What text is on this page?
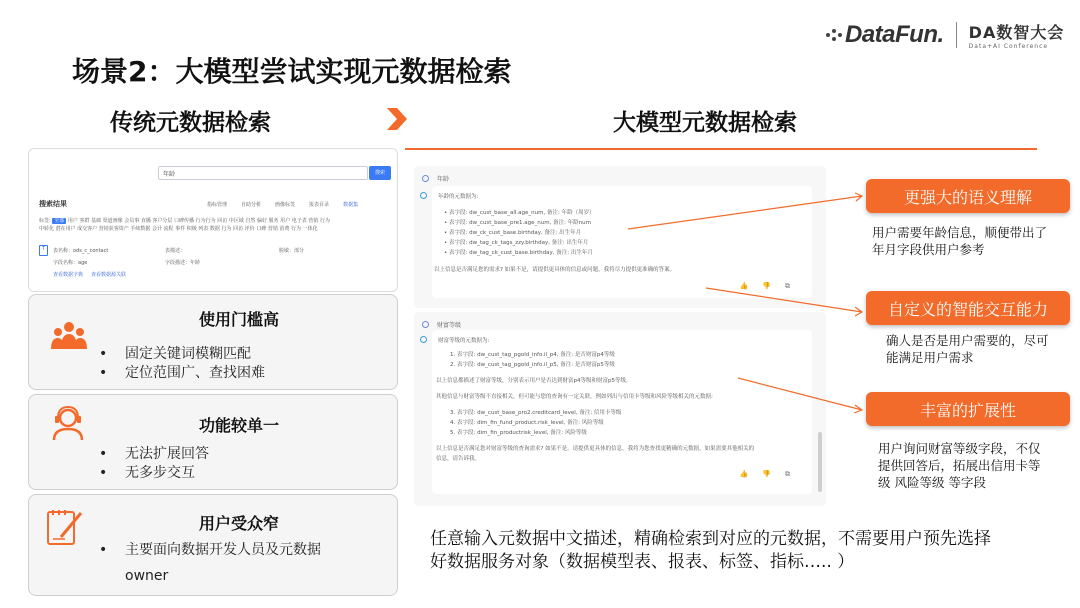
DataFun. DA数智大会
Data+AI Conference
场景2：大模型尝试实现元数据检索
传统元数据检索	大模型元数据检索
年龄	搜索
搜索结果	指标管理	自助分析	画像标签	报表目录	数据集
标签: 全部 用户 客群 基础 渠道画像 会员事 直播 客户分层 口碑传播 行为行为 回访 中区域 自然 偏好 服务 用户 电子表 营销 行为
中转化 潜在用户 成交客户 营销获客资产 手续数据 会计 流程 事件 积极 列表 数据 行为 回访 评价 口碑 营销 消费 行为 一体化
T	表名称：ods_c_contact	表描述：	脱敏：部分
字段名称：age	字段描述：年龄
查看数据字典 查看数据源关联
使用门槛高
• 固定关键词模糊匹配
• 定位范围广、查找困难
功能较单一
• 无法扩展回答
• 无多步交互
用户受众窄
• 主要面向数据开发人员及元数据
owner
年龄
年龄的元数据为:
• 表字段: dw_cust_base_all.age_num, 备注: 年龄（周岁）
• 表字段: dw_cust_base_pre1.age_num, 备注: 年龄num
• 表字段: dw_ck_cust_base.birthday, 备注: 出生年月
• 表字段: dw_tag_ck_tags_zzy.birthday, 备注: 出生年月
• 表字段: dw_tag_ck_cust_base.birthday, 备注: 出生年月
以上信息是否满足您的需求? 如果不是，请提供更具体的信息或问题，我将尽力提供更准确的答案。
👍 👎 ⧉
财富等级
财富等级的元数据为:
1. 表字段: dw_cust_tag_pgold_info.il_p4, 备注: 是否财富p4等级
2. 表字段: dw_cust_tag_pgold_info.il_p5, 备注: 是否财富p5等级
以上信息都描述了财富等级，分别表示用户是否达到财富p4等级和财富p5等级。
其他信息与财富等级不直接相关，但可能与您的查询有一定关联，例如列出与信用卡等级和风险等级相关的元数据:
3. 表字段: dw_cust_base_pro2.creditcard_level, 备注: 信用卡等级
4. 表字段: dim_fin_fund_product.risk_level, 备注: 风险等级
5. 表字段: dim_fin_productrisk_level, 备注: 风险等级
以上信息是否满足您对财富等级的查询需求? 如果不是，请提供更具体的信息，我将为您查找更精确的元数据。如果需要其他相关的
信息，请告诉我。
👍 👎 ⧉
更强大的语义理解
用户需要年龄信息，顺便带出了
年月字段供用户参考
自定义的智能交互能力
确人是否是用户需要的，尽可
能满足用户需求
丰富的扩展性
用户询问财富等级字段，不仅
提供回答后，拓展出信用卡等
级 风险等级 等字段
任意输入元数据中文描述，精确检索到对应的元数据，不需要用户预先选择
好数据服务对象（数据模型表、报表、标签、指标….. ）
